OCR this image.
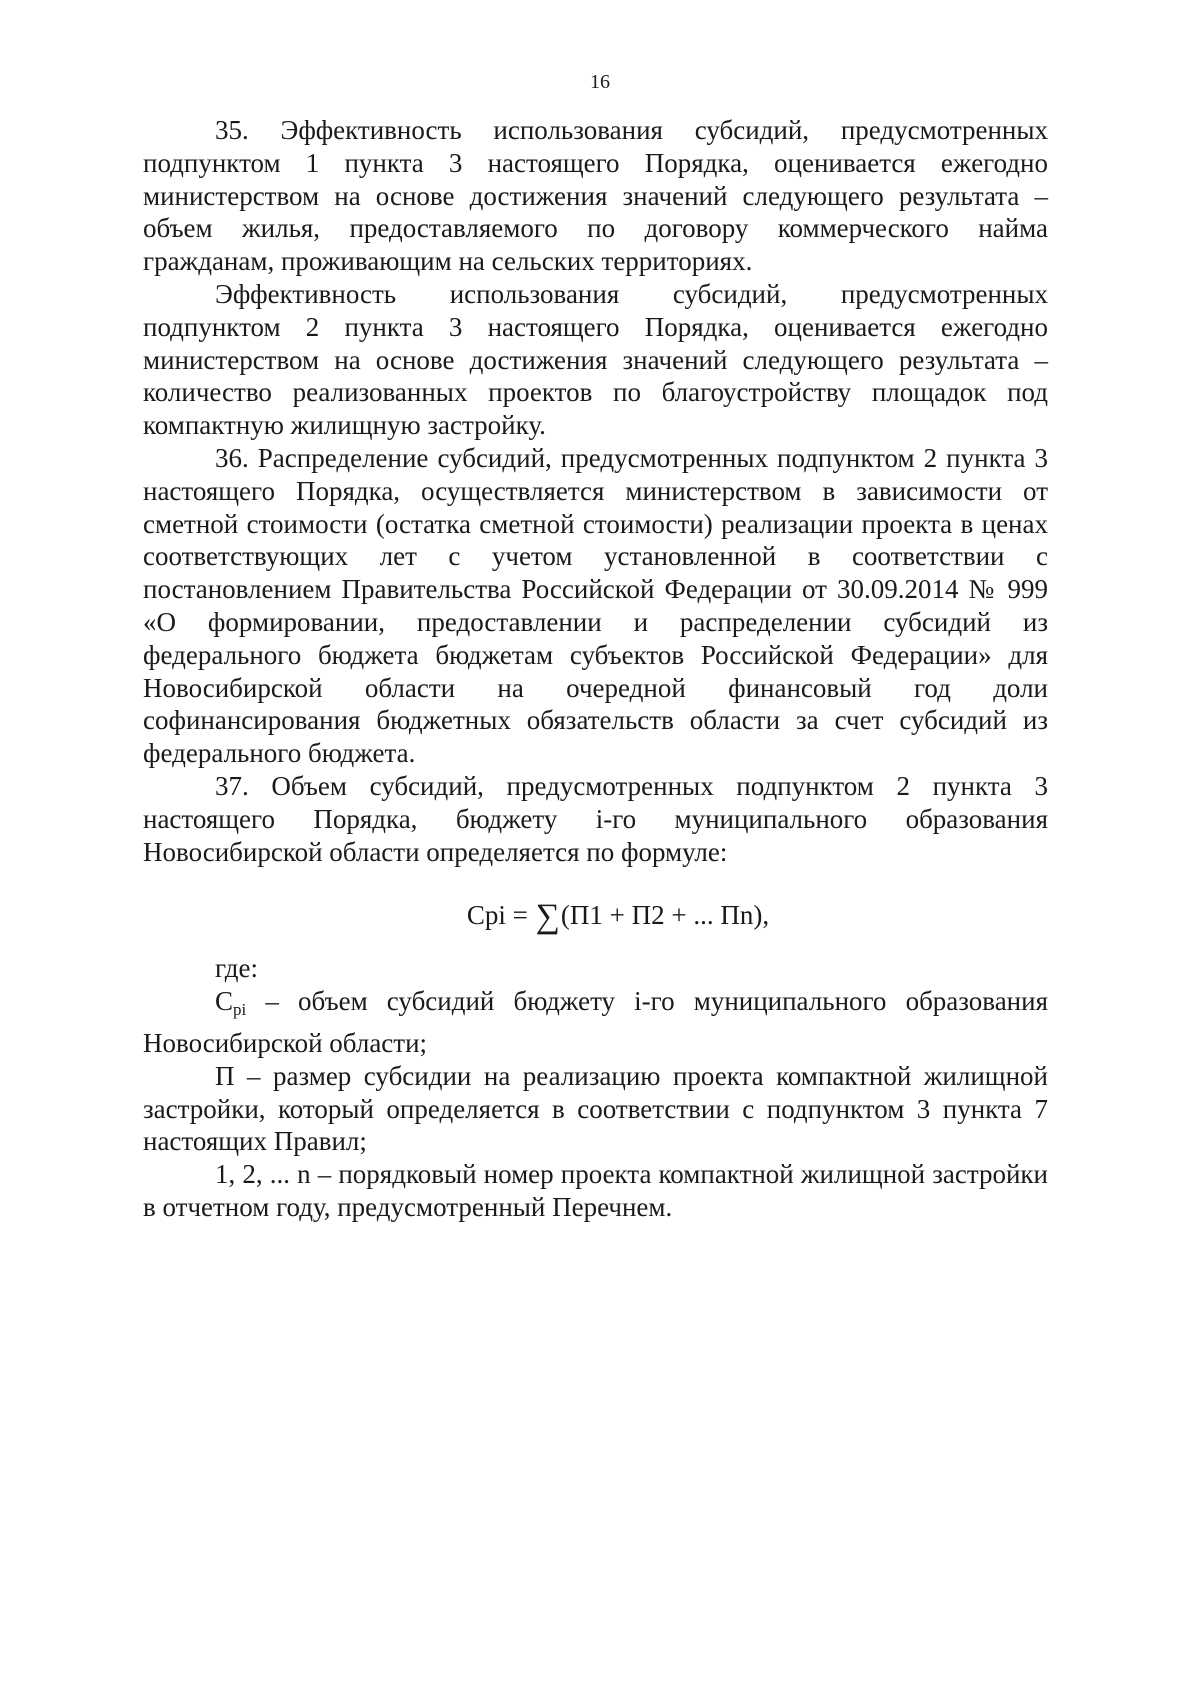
16

35. Эффективность использования субсидий, предусмотренных подпунктом 1 пункта 3 настоящего Порядка, оценивается ежегодно министерством на основе достижения значений следующего результата – объем жилья, предоставляемого по договору коммерческого найма гражданам, проживающим на сельских территориях.

Эффективность использования субсидий, предусмотренных подпунктом 2 пункта 3 настоящего Порядка, оценивается ежегодно министерством на основе достижения значений следующего результата – количество реализованных проектов по благоустройству площадок под компактную жилищную застройку.

36. Распределение субсидий, предусмотренных подпунктом 2 пункта 3 настоящего Порядка, осуществляется министерством в зависимости от сметной стоимости (остатка сметной стоимости) реализации проекта в ценах соответствующих лет с учетом установленной в соответствии с постановлением Правительства Российской Федерации от 30.09.2014 № 999 «О формировании, предоставлении и распределении субсидий из федерального бюджета бюджетам субъектов Российской Федерации» для Новосибирской области на очередной финансовый год доли софинансирования бюджетных обязательств области за счет субсидий из федерального бюджета.

37. Объем субсидий, предусмотренных подпунктом 2 пункта 3 настоящего Порядка, бюджету i-го муниципального образования Новосибирской области определяется по формуле:

Срi = ∑(П1 + П2 + ... Пn),

где:

$С_{рi}$ – объем субсидий бюджету i-го муниципального образования Новосибирской области;

П – размер субсидии на реализацию проекта компактной жилищной застройки, который определяется в соответствии с подпунктом 3 пункта 7 настоящих Правил;

1, 2, ... n – порядковый номер проекта компактной жилищной застройки в отчетном году, предусмотренный Перечнем.
